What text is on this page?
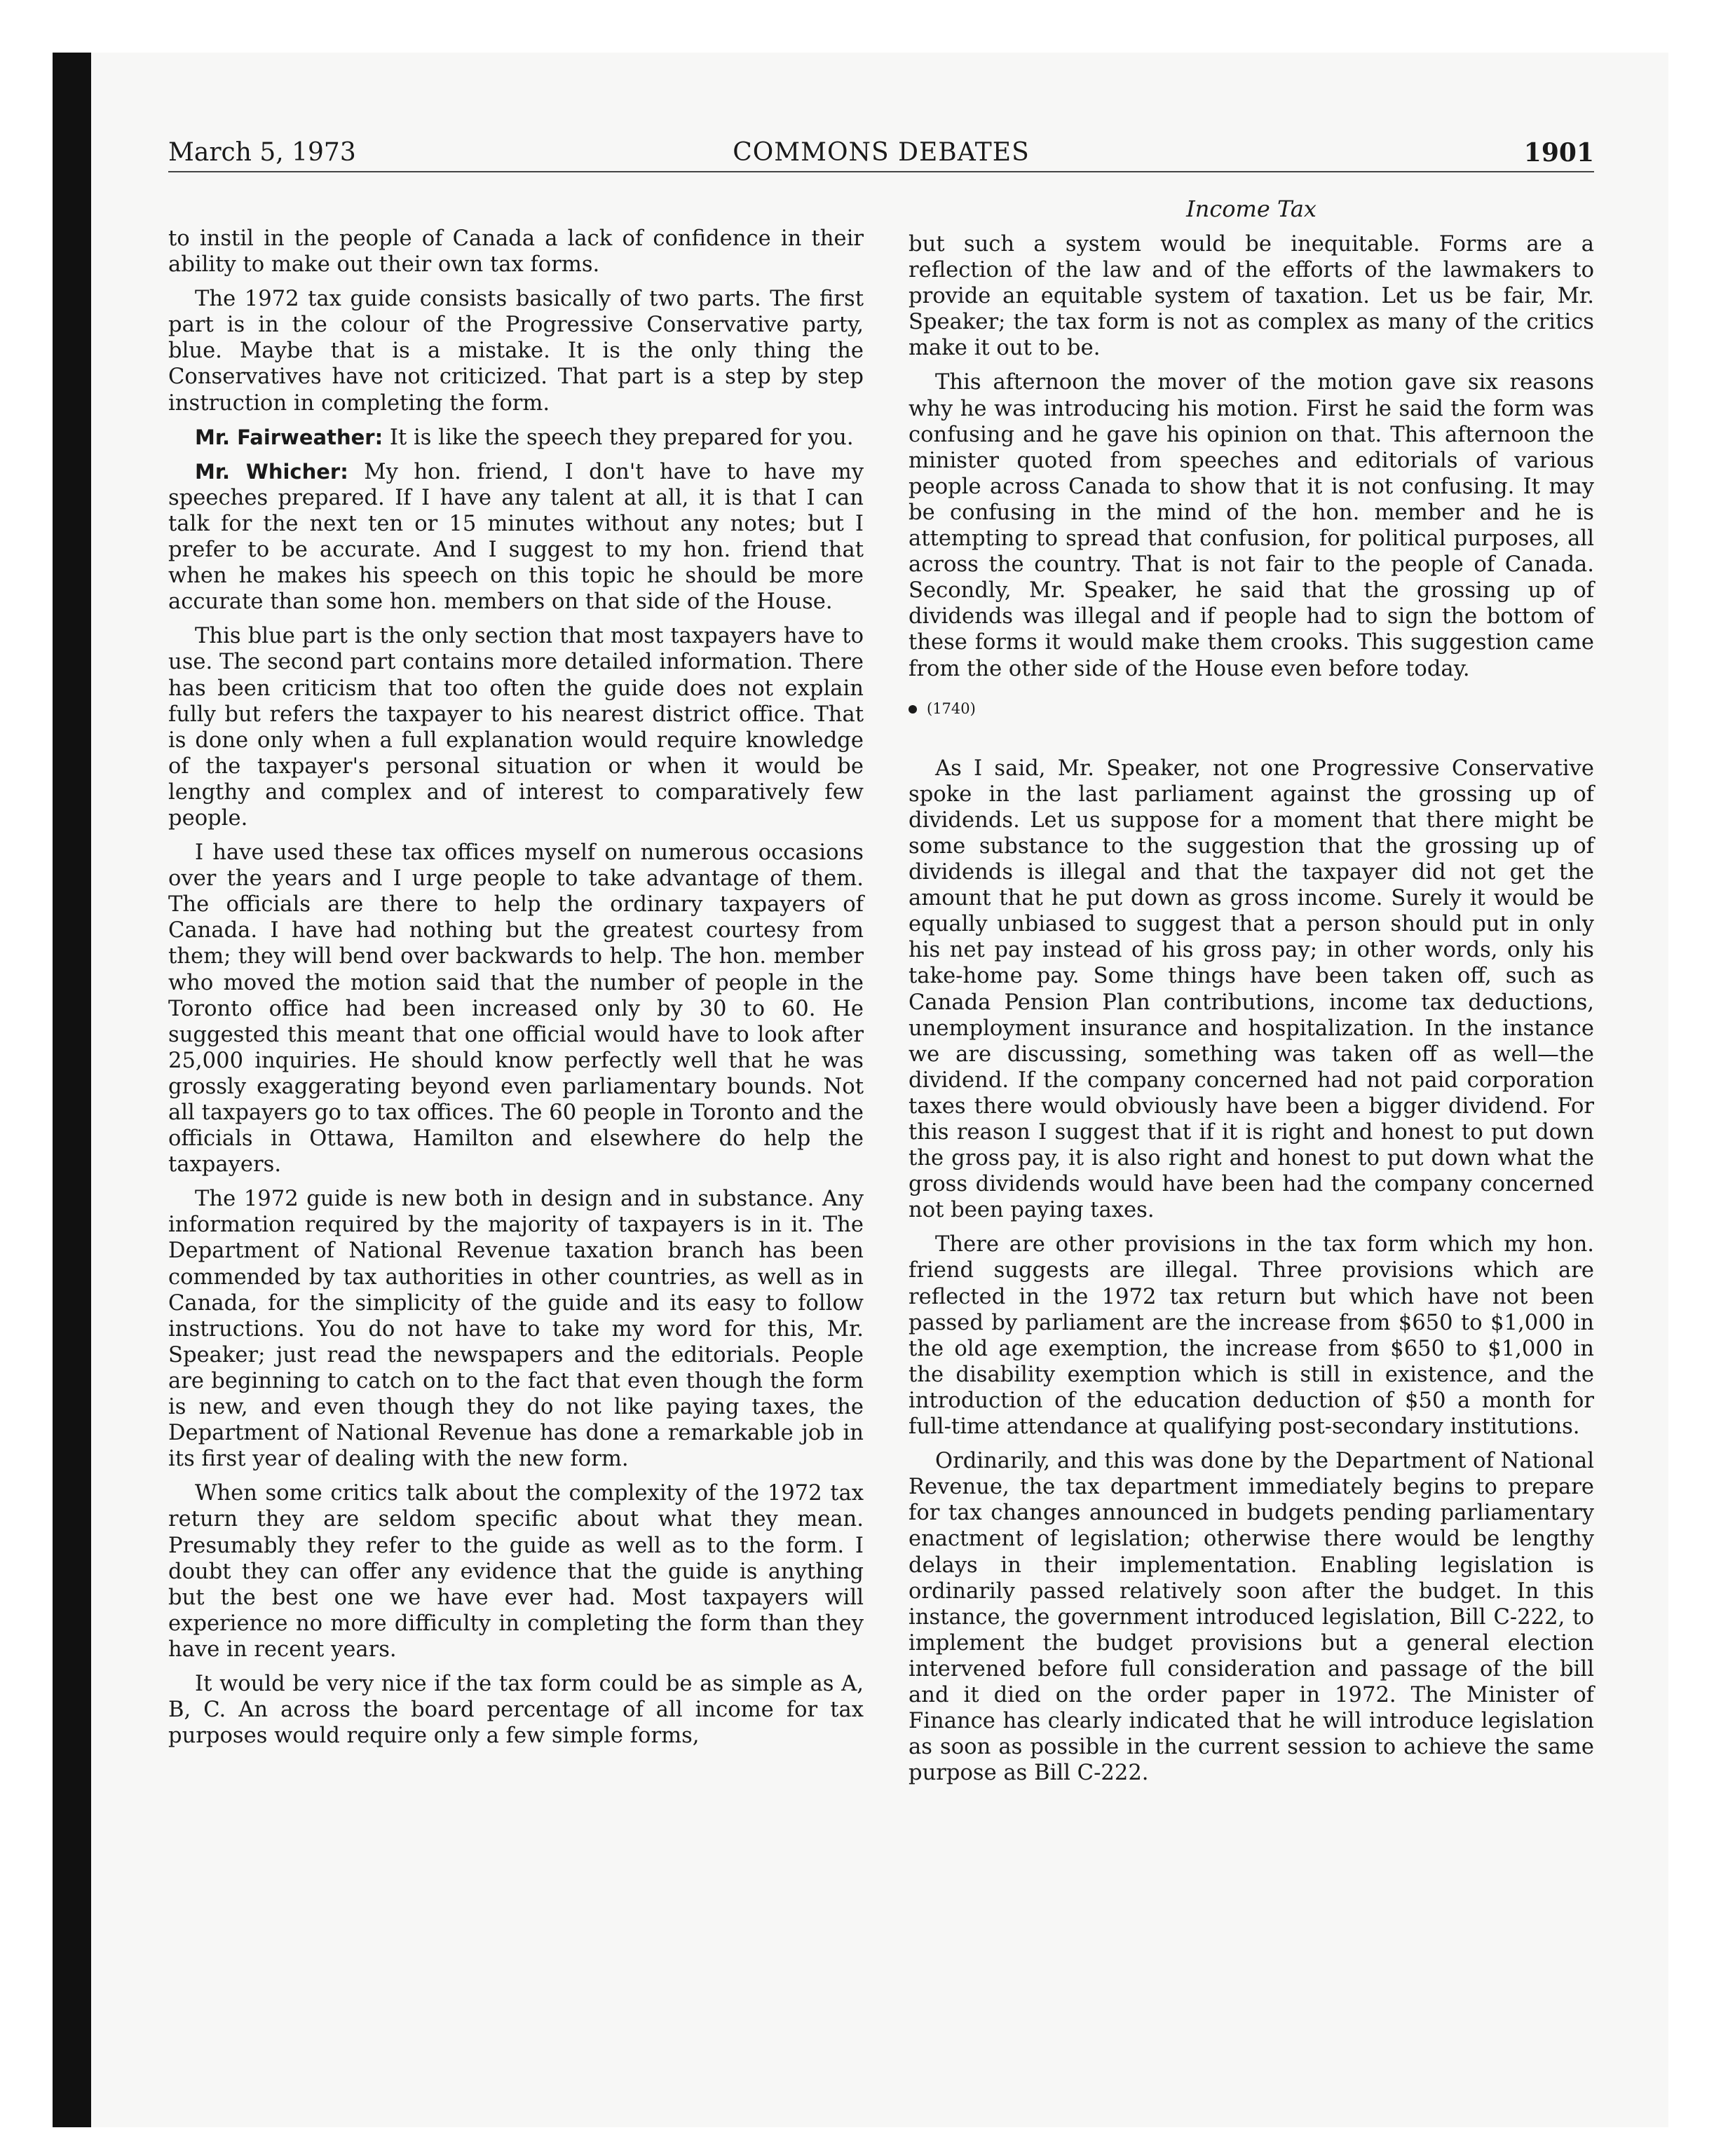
March 5, 1973	COMMONS DEBATES	1901
Income Tax

to instil in the people of Canada a lack of confidence in their ability to make out their own tax forms.

The 1972 tax guide consists basically of two parts. The first part is in the colour of the Progressive Conservative party, blue. Maybe that is a mistake. It is the only thing the Conservatives have not criticized. That part is a step by step instruction in completing the form.

Mr. Fairweather: It is like the speech they prepared for you.

Mr. Whicher: My hon. friend, I don't have to have my speeches prepared. If I have any talent at all, it is that I can talk for the next ten or 15 minutes without any notes; but I prefer to be accurate. And I suggest to my hon. friend that when he makes his speech on this topic he should be more accurate than some hon. members on that side of the House.

This blue part is the only section that most taxpayers have to use. The second part contains more detailed information. There has been criticism that too often the guide does not explain fully but refers the taxpayer to his nearest district office. That is done only when a full explanation would require knowledge of the taxpayer's personal situation or when it would be lengthy and complex and of interest to comparatively few people.

I have used these tax offices myself on numerous occasions over the years and I urge people to take advantage of them. The officials are there to help the ordinary taxpayers of Canada. I have had nothing but the greatest courtesy from them; they will bend over backwards to help. The hon. member who moved the motion said that the number of people in the Toronto office had been increased only by 30 to 60. He suggested this meant that one official would have to look after 25,000 inquiries. He should know perfectly well that he was grossly exaggerating beyond even parliamentary bounds. Not all taxpayers go to tax offices. The 60 people in Toronto and the officials in Ottawa, Hamilton and elsewhere do help the taxpayers.

The 1972 guide is new both in design and in substance. Any information required by the majority of taxpayers is in it. The Department of National Revenue taxation branch has been commended by tax authorities in other countries, as well as in Canada, for the simplicity of the guide and its easy to follow instructions. You do not have to take my word for this, Mr. Speaker; just read the newspapers and the editorials. People are beginning to catch on to the fact that even though the form is new, and even though they do not like paying taxes, the Department of National Revenue has done a remarkable job in its first year of dealing with the new form.

When some critics talk about the complexity of the 1972 tax return they are seldom specific about what they mean. Presumably they refer to the guide as well as to the form. I doubt they can offer any evidence that the guide is anything but the best one we have ever had. Most taxpayers will experience no more difficulty in completing the form than they have in recent years.

It would be very nice if the tax form could be as simple as A, B, C. An across the board percentage of all income for tax purposes would require only a few simple forms,

but such a system would be inequitable. Forms are a reflection of the law and of the efforts of the lawmakers to provide an equitable system of taxation. Let us be fair, Mr. Speaker; the tax form is not as complex as many of the critics make it out to be.

This afternoon the mover of the motion gave six reasons why he was introducing his motion. First he said the form was confusing and he gave his opinion on that. This afternoon the minister quoted from speeches and editorials of various people across Canada to show that it is not confusing. It may be confusing in the mind of the hon. member and he is attempting to spread that confusion, for political purposes, all across the country. That is not fair to the people of Canada. Secondly, Mr. Speaker, he said that the grossing up of dividends was illegal and if people had to sign the bottom of these forms it would make them crooks. This suggestion came from the other side of the House even before today.

(1740)

As I said, Mr. Speaker, not one Progressive Conservative spoke in the last parliament against the grossing up of dividends. Let us suppose for a moment that there might be some substance to the suggestion that the grossing up of dividends is illegal and that the taxpayer did not get the amount that he put down as gross income. Surely it would be equally unbiased to suggest that a person should put in only his net pay instead of his gross pay; in other words, only his take-home pay. Some things have been taken off, such as Canada Pension Plan contributions, income tax deductions, unemployment insurance and hospitalization. In the instance we are discussing, something was taken off as well—the dividend. If the company concerned had not paid corporation taxes there would obviously have been a bigger dividend. For this reason I suggest that if it is right and honest to put down the gross pay, it is also right and honest to put down what the gross dividends would have been had the company concerned not been paying taxes.

There are other provisions in the tax form which my hon. friend suggests are illegal. Three provisions which are reflected in the 1972 tax return but which have not been passed by parliament are the increase from $650 to $1,000 in the old age exemption, the increase from $650 to $1,000 in the disability exemption which is still in existence, and the introduction of the education deduction of $50 a month for full-time attendance at qualifying post-secondary institutions.

Ordinarily, and this was done by the Department of National Revenue, the tax department immediately begins to prepare for tax changes announced in budgets pending parliamentary enactment of legislation; otherwise there would be lengthy delays in their implementation. Enabling legislation is ordinarily passed relatively soon after the budget. In this instance, the government introduced legislation, Bill C-222, to implement the budget provisions but a general election intervened before full consideration and passage of the bill and it died on the order paper in 1972. The Minister of Finance has clearly indicated that he will introduce legislation as soon as possible in the current session to achieve the same purpose as Bill C-222.
